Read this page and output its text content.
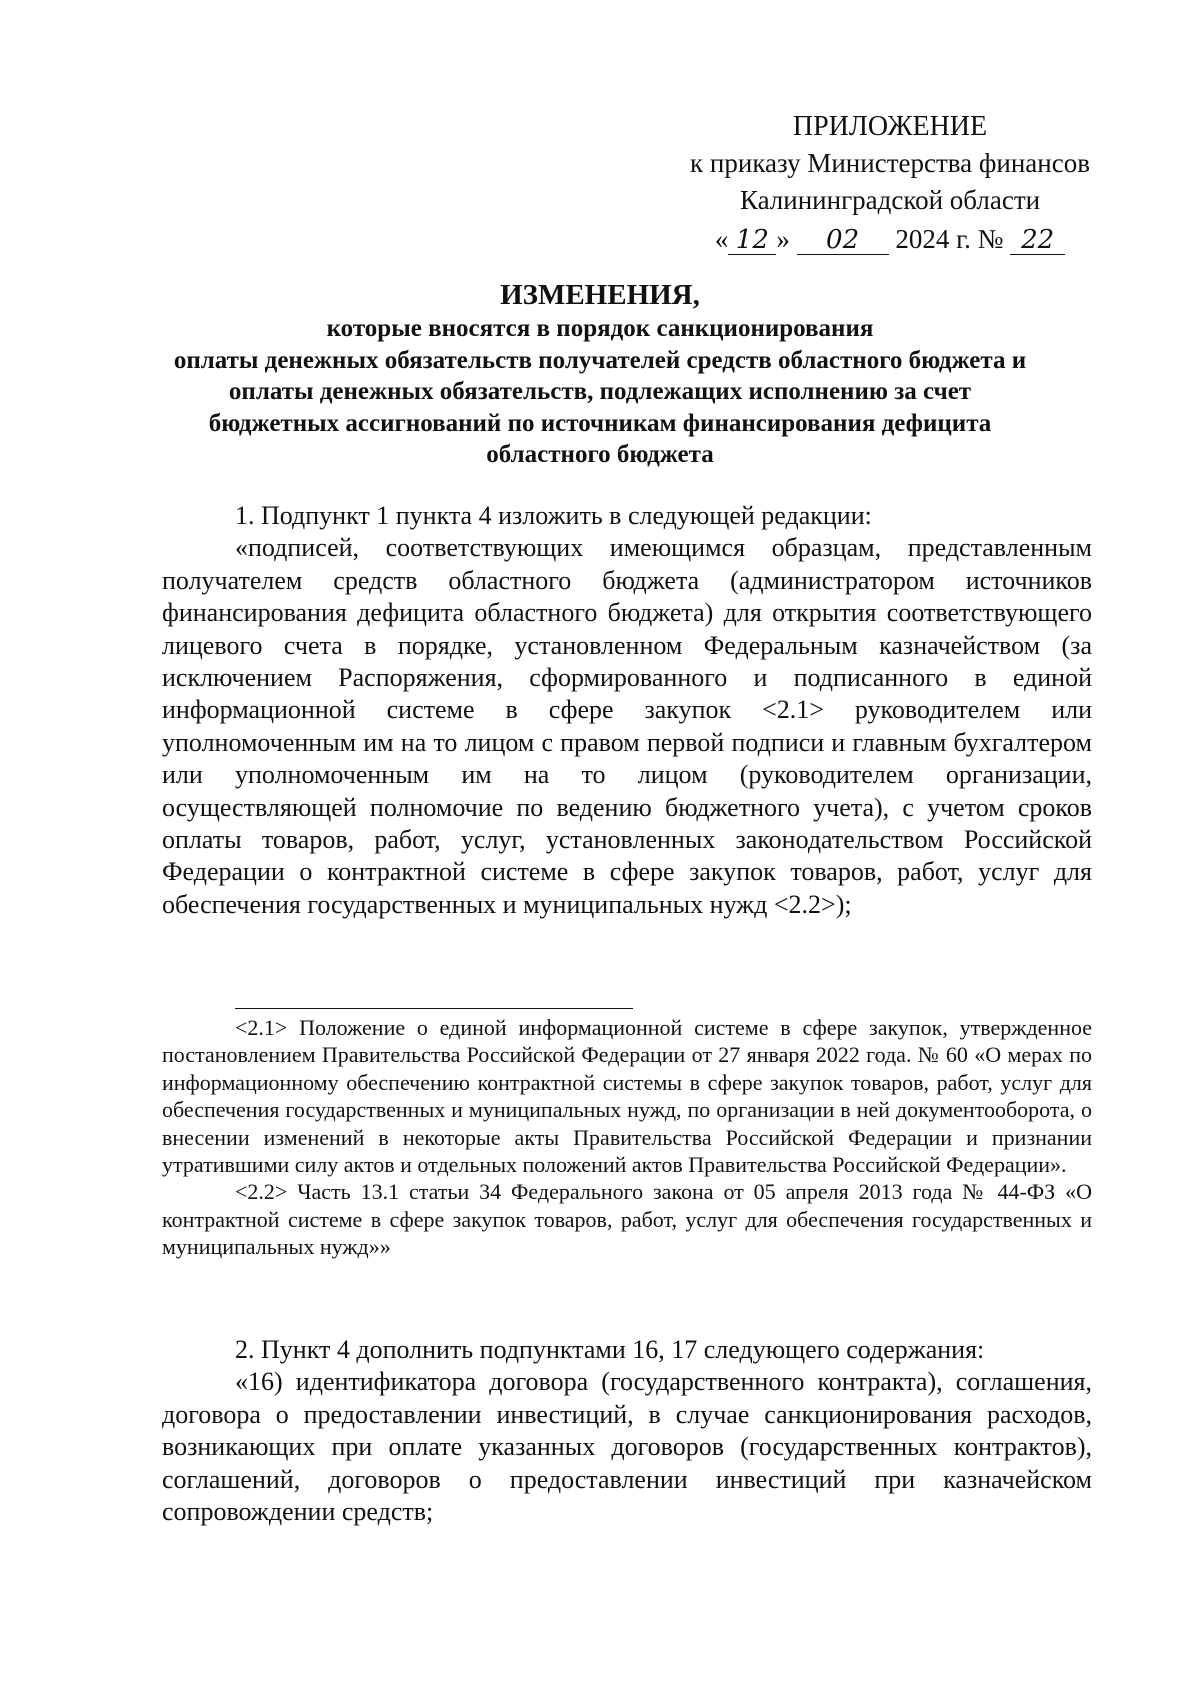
ПРИЛОЖЕНИЕ
к приказу Министерства финансов
Калининградской области
« 12 » 02 2024 г. № 22
ИЗМЕНЕНИЯ,
которые вносятся в порядок санкционирования
оплаты денежных обязательств получателей средств областного бюджета и
оплаты денежных обязательств, подлежащих исполнению за счет
бюджетных ассигнований по источникам финансирования дефицита
областного бюджета

1. Подпункт 1 пункта 4 изложить в следующей редакции:

«подписей, соответствующих имеющимся образцам, представленным получателем средств областного бюджета (администратором источников финансирования дефицита областного бюджета) для открытия соответствующего лицевого счета в порядке, установленном Федеральным казначейством (за исключением Распоряжения, сформированного и подписанного в единой информационной системе в сфере закупок <2.1> руководителем или уполномоченным им на то лицом с правом первой подписи и главным бухгалтером или уполномоченным им на то лицом (руководителем организации, осуществляющей полномочие по ведению бюджетного учета), с учетом сроков оплаты товаров, работ, услуг, установленных законодательством Российской Федерации о контрактной системе в сфере закупок товаров, работ, услуг для обеспечения государственных и муниципальных нужд <2.2>);

<2.1> Положение о единой информационной системе в сфере закупок, утвержденное постановлением Правительства Российской Федерации от 27 января 2022 года. № 60 «О мерах по информационному обеспечению контрактной системы в сфере закупок товаров, работ, услуг для обеспечения государственных и муниципальных нужд, по организации в ней документооборота, о внесении изменений в некоторые акты Правительства Российской Федерации и признании утратившими силу актов и отдельных положений актов Правительства Российской Федерации».

<2.2> Часть 13.1 статьи 34 Федерального закона от 05 апреля 2013 года № 44-ФЗ «О контрактной системе в сфере закупок товаров, работ, услуг для обеспечения государственных и муниципальных нужд»»

2. Пункт 4 дополнить подпунктами 16, 17 следующего содержания:

«16) идентификатора договора (государственного контракта), соглашения, договора о предоставлении инвестиций, в случае санкционирования расходов, возникающих при оплате указанных договоров (государственных контрактов), соглашений, договоров о предоставлении инвестиций при казначейском сопровождении средств;
